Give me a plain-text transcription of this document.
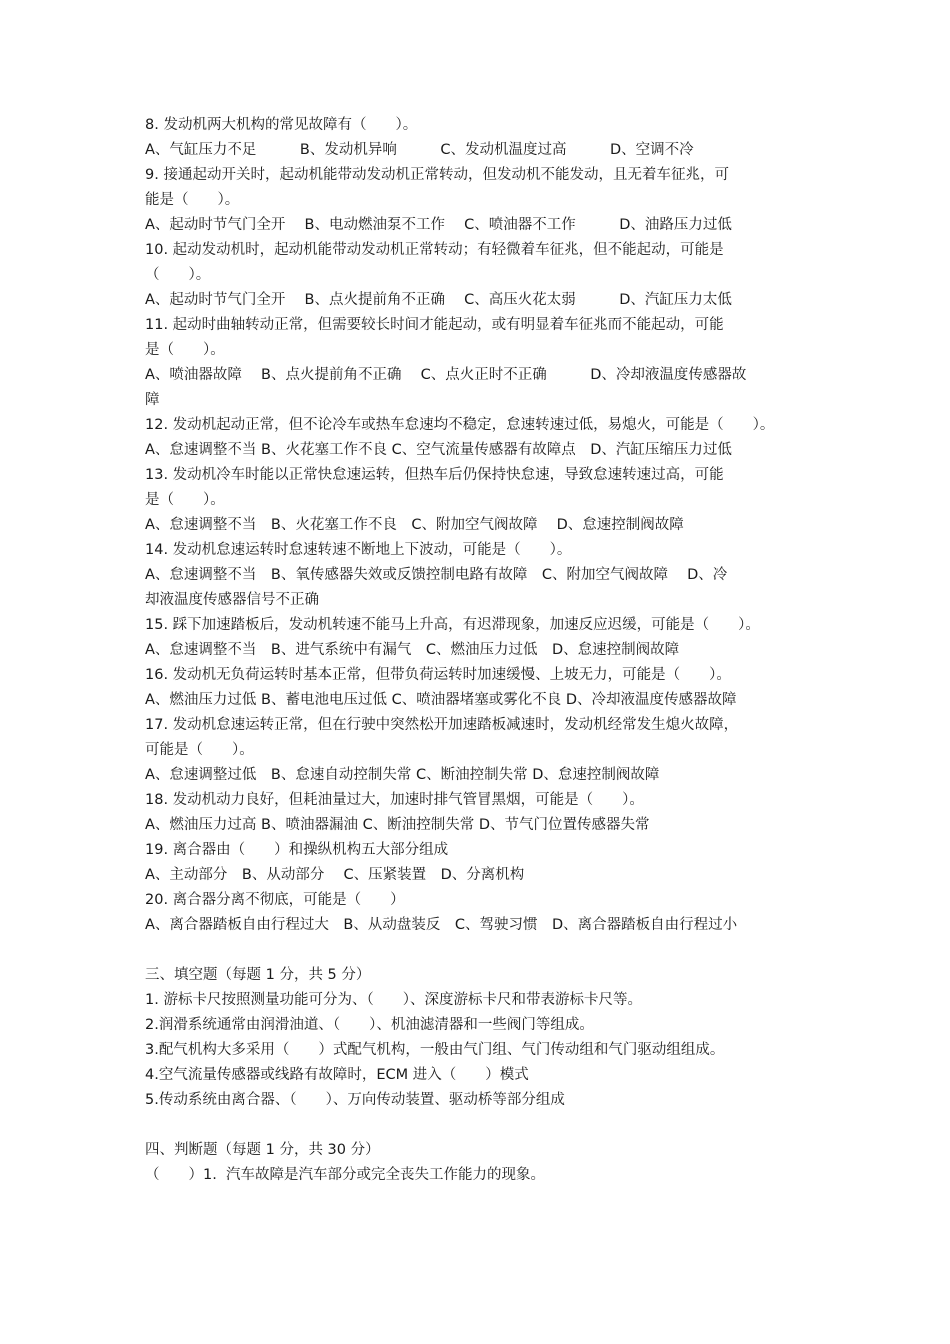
8. 发动机两大机构的常见故障有（　　）。
A、气缸压力不足　　　B、发动机异响　　　C、发动机温度过高　　　D、空调不冷
9. 接通起动开关时，起动机能带动发动机正常转动，但发动机不能发动，且无着车征兆，可
能是（　　）。
A、起动时节气门全开　 B、电动燃油泵不工作　 C、喷油器不工作　　　D、油路压力过低
10. 起动发动机时，起动机能带动发动机正常转动；有轻微着车征兆，但不能起动，可能是
（　　）。
A、起动时节气门全开　 B、点火提前角不正确　 C、高压火花太弱　　　D、汽缸压力太低
11. 起动时曲轴转动正常，但需要较长时间才能起动，或有明显着车征兆而不能起动，可能
是（　　）。
A、喷油器故障　 B、点火提前角不正确　 C、点火正时不正确　　　D、冷却液温度传感器故
障
12. 发动机起动正常，但不论冷车或热车怠速均不稳定，怠速转速过低，易熄火，可能是（　　）。
A、怠速调整不当 B、火花塞工作不良 C、空气流量传感器有故障点　D、汽缸压缩压力过低
13. 发动机冷车时能以正常快怠速运转，但热车后仍保持快怠速，导致怠速转速过高，可能
是（　　）。
A、怠速调整不当　B、火花塞工作不良　C、附加空气阀故障　 D、怠速控制阀故障
14. 发动机怠速运转时怠速转速不断地上下波动，可能是（　　）。
A、怠速调整不当　B、氧传感器失效或反馈控制电路有故障　C、附加空气阀故障　 D、冷
却液温度传感器信号不正确
15. 踩下加速踏板后，发动机转速不能马上升高，有迟滞现象，加速反应迟缓，可能是（　　）。
A、怠速调整不当　B、进气系统中有漏气　C、燃油压力过低　D、怠速控制阀故障
16. 发动机无负荷运转时基本正常，但带负荷运转时加速缓慢、上坡无力，可能是（　　）。
A、燃油压力过低 B、蓄电池电压过低 C、喷油器堵塞或雾化不良 D、冷却液温度传感器故障
17. 发动机怠速运转正常，但在行驶中突然松开加速踏板减速时，发动机经常发生熄火故障，
可能是（　　）。
A、怠速调整过低　B、怠速自动控制失常 C、断油控制失常 D、怠速控制阀故障
18. 发动机动力良好，但耗油量过大，加速时排气管冒黑烟，可能是（　　）。
A、燃油压力过高 B、喷油器漏油 C、断油控制失常 D、节气门位置传感器失常
19. 离合器由（　　）和操纵机构五大部分组成
A、主动部分　B、从动部分　 C、压紧装置　D、分离机构
20. 离合器分离不彻底，可能是（　　）
A、离合器踏板自由行程过大　B、从动盘装反　C、驾驶习惯　D、离合器踏板自由行程过小
三、填空题（每题 1 分，共 5 分）
1. 游标卡尺按照测量功能可分为、（　　）、深度游标卡尺和带表游标卡尺等。
2.润滑系统通常由润滑油道、（　　）、机油滤清器和一些阀门等组成。
3.配气机构大多采用（　　）式配气机构，一般由气门组、气门传动组和气门驱动组组成。
4.空气流量传感器或线路有故障时，ECM 进入（　　）模式
5.传动系统由离合器、（　　）、万向传动装置、驱动桥等部分组成
四、判断题（每题 1 分，共 30 分）
（　　）1.  汽车故障是汽车部分或完全丧失工作能力的现象。
